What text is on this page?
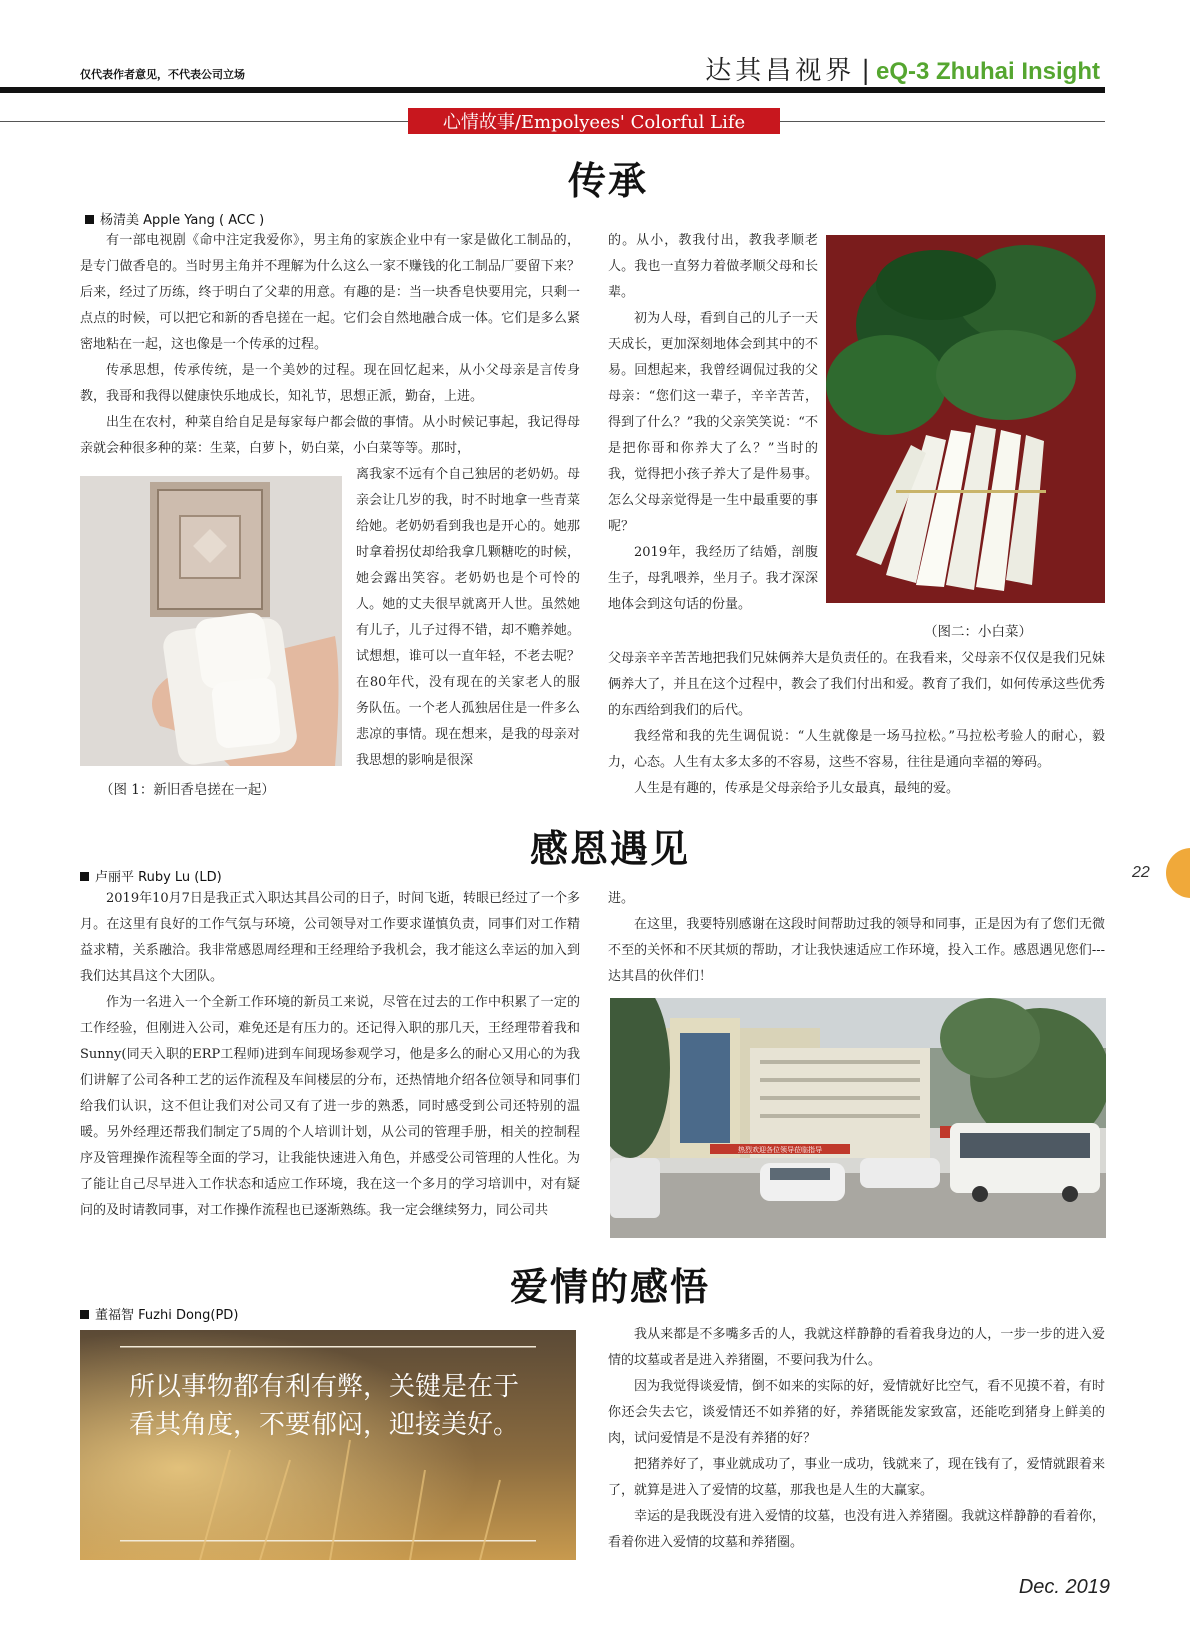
仅代表作者意见，不代表公司立场	达其昌视界 | eQ-3 Zhuhai Insight
心情故事/Empolyees' Colorful Life
传承
杨清美 Apple Yang ( ACC )

有一部电视剧《命中注定我爱你》，男主角的家族企业中有一家是做化工制品的，是专门做香皂的。当时男主角并不理解为什么这么一家不赚钱的化工制品厂要留下来？后来，经过了历练，终于明白了父辈的用意。有趣的是：当一块香皂快要用完，只剩一点点的时候，可以把它和新的香皂搓在一起。它们会自然地融合成一体。它们是多么紧密地粘在一起，这也像是一个传承的过程。

传承思想，传承传统，是一个美妙的过程。现在回忆起来，从小父母亲是言传身教，我哥和我得以健康快乐地成长，知礼节，思想正派，勤奋，上进。

出生在农村，种菜自给自足是每家每户都会做的事情。从小时候记事起，我记得母亲就会种很多种的菜：生菜，白萝卜，奶白菜，小白菜等等。那时，

（图 1：新旧香皂搓在一起）

离我家不远有个自己独居的老奶奶。母亲会让几岁的我，时不时地拿一些青菜给她。老奶奶看到我也是开心的。她那时拿着拐仗却给我拿几颗糖吃的时候，她会露出笑容。老奶奶也是个可怜的人。她的丈夫很早就离开人世。虽然她有儿子，儿子过得不错，却不赡养她。试想想，谁可以一直年轻，不老去呢？在80年代，没有现在的关家老人的服务队伍。一个老人孤独居住是一件多么悲凉的事情。现在想来，是我的母亲对我思想的影响是很深

的。从小，教我付出，教我孝顺老人。我也一直努力着做孝顺父母和长辈。

初为人母，看到自己的儿子一天天成长，更加深刻地体会到其中的不易。回想起来，我曾经调侃过我的父母亲：“您们这一辈子，辛辛苦苦，得到了什么？”我的父亲笑笑说：“不是把你哥和你养大了么？”当时的我，觉得把小孩子养大了是件易事。怎么父母亲觉得是一生中最重要的事呢？

2019年，我经历了结婚，剖腹生子，母乳喂养，坐月子。我才深深地体会到这句话的份量。

（图二：小白菜）

父母亲辛辛苦苦地把我们兄妹俩养大是负责任的。在我看来，父母亲不仅仅是我们兄妹俩养大了，并且在这个过程中，教会了我们付出和爱。教育了我们，如何传承这些优秀的东西给到我们的后代。

我经常和我的先生调侃说：“人生就像是一场马拉松。”马拉松考验人的耐心，毅力，心态。人生有太多太多的不容易，这些不容易，往往是通向幸福的筹码。

人生是有趣的，传承是父母亲给予儿女最真，最纯的爱。

感恩遇见
卢丽平 Ruby Lu (LD)

2019年10月7日是我正式入职达其昌公司的日子，时间飞逝，转眼已经过了一个多月。在这里有良好的工作气氛与环境，公司领导对工作要求谨慎负责，同事们对工作精益求精，关系融洽。我非常感恩周经理和王经理给予我机会，我才能这么幸运的加入到我们达其昌这个大团队。

作为一名进入一个全新工作环境的新员工来说，尽管在过去的工作中积累了一定的工作经验，但刚进入公司，难免还是有压力的。还记得入职的那几天，王经理带着我和Sunny(同天入职的ERP工程师)进到车间现场参观学习，他是多么的耐心又用心的为我们讲解了公司各种工艺的运作流程及车间楼层的分布，还热情地介绍各位领导和同事们给我们认识，这不但让我们对公司又有了进一步的熟悉，同时感受到公司还特别的温暖。另外经理还帮我们制定了5周的个人培训计划，从公司的管理手册，相关的控制程序及管理操作流程等全面的学习，让我能快速进入角色，并感受公司管理的人性化。为了能让自己尽早进入工作状态和适应工作环境，我在这一个多月的学习培训中，对有疑问的及时请教同事，对工作操作流程也已逐渐熟练。我一定会继续努力，同公司共

进。

在这里，我要特别感谢在这段时间帮助过我的领导和同事，正是因为有了您们无微不至的关怀和不厌其烦的帮助，才让我快速适应工作环境，投入工作。感恩遇见您们---达其昌的伙伴们！

热烈欢迎各位领导莅临指导
爱情的感悟
董福智 Fuzhi Dong(PD)
所以事物都有利有弊，关键是在于看其角度，不要郁闷，迎接美好。

我从来都是不多嘴多舌的人，我就这样静静的看着我身边的人，一步一步的进入爱情的坟墓或者是进入养猪圈，不要问我为什么。

因为我觉得谈爱情，倒不如来的实际的好，爱情就好比空气，看不见摸不着，有时你还会失去它，谈爱情还不如养猪的好，养猪既能发家致富，还能吃到猪身上鲜美的肉，试问爱情是不是没有养猪的好？

把猪养好了，事业就成功了，事业一成功，钱就来了，现在钱有了，爱情就跟着来了，就算是进入了爱情的坟墓，那我也是人生的大赢家。

幸运的是我既没有进入爱情的坟墓，也没有进入养猪圈。我就这样静静的看着你，看着你进入爱情的坟墓和养猪圈。

22
Dec. 2019
